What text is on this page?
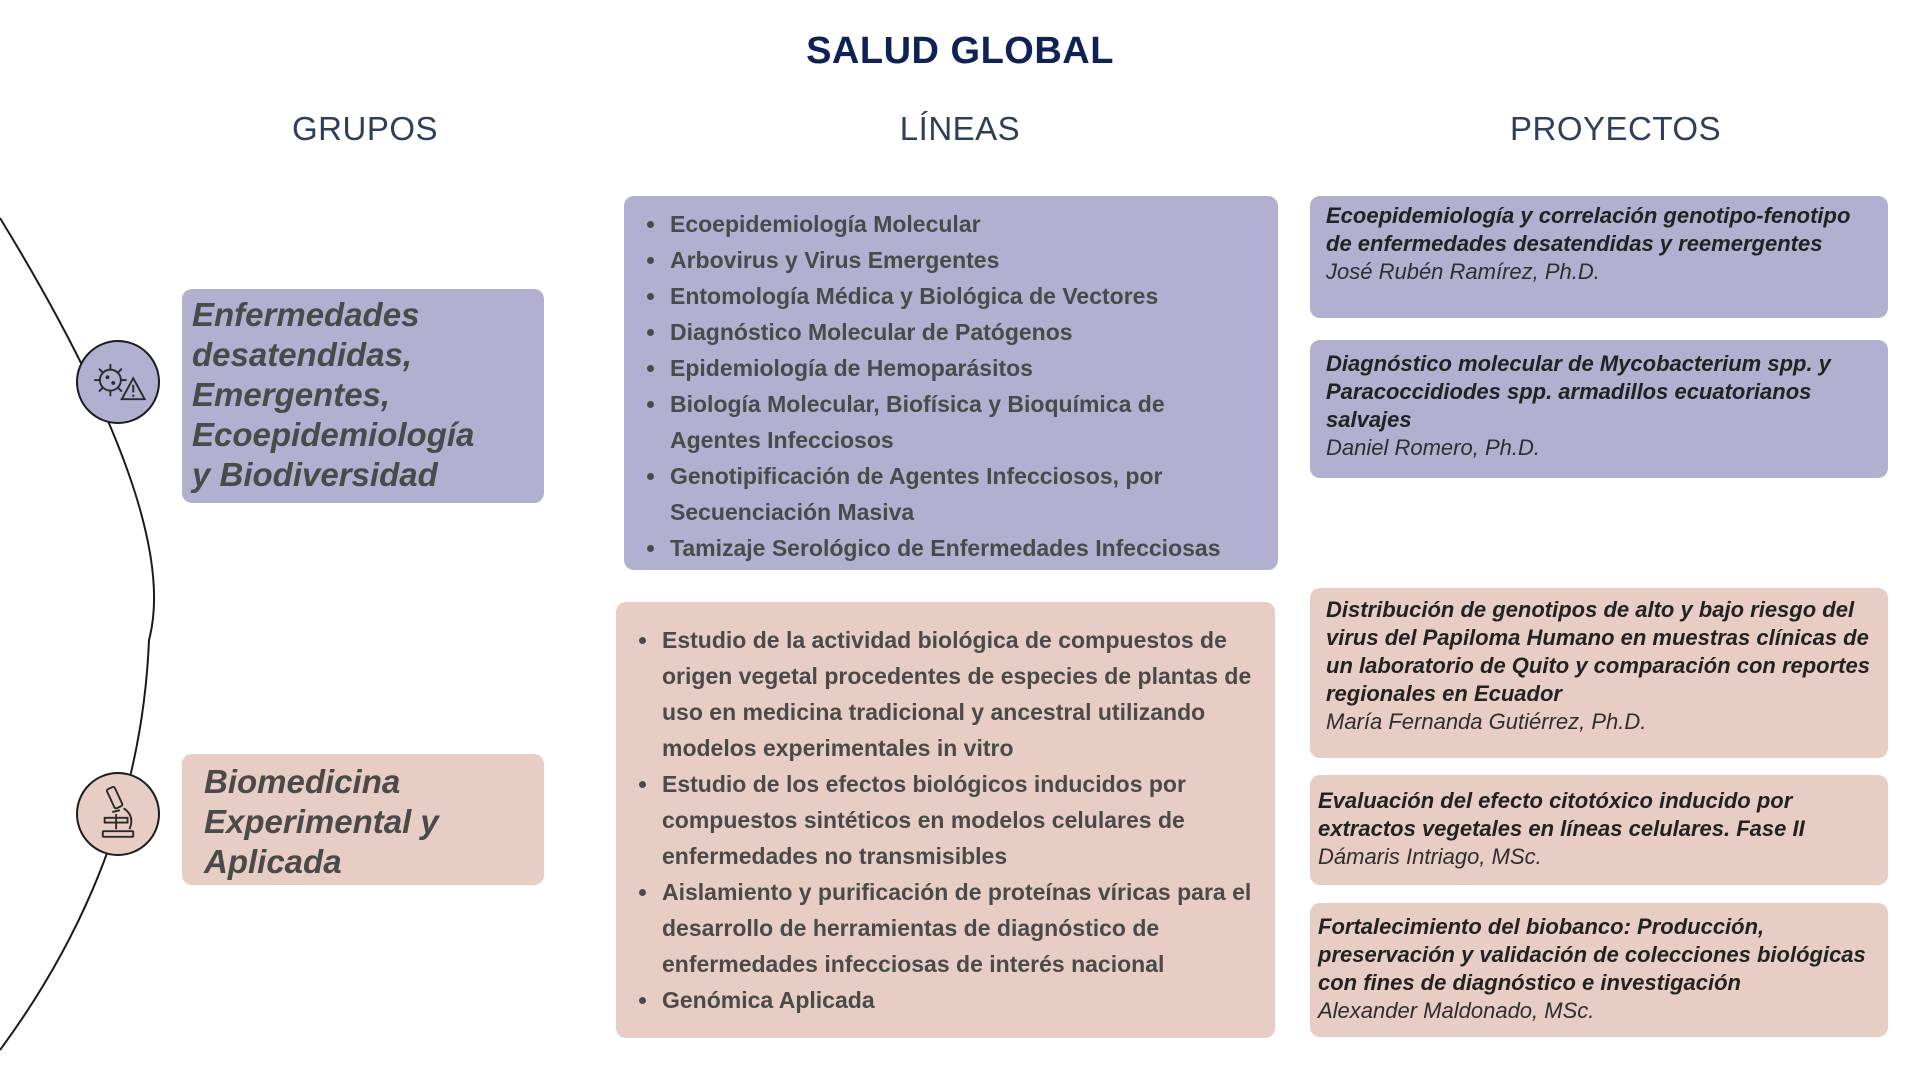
SALUD GLOBAL
GRUPOS	LÍNEAS	PROYECTOS
Enfermedades
desatendidas,
Emergentes,
Ecoepidemiología
y Biodiversidad
Biomedicina
Experimental y
Aplicada
• Ecoepidemiología Molecular
• Arbovirus y Virus Emergentes
• Entomología Médica y Biológica de Vectores
• Diagnóstico Molecular de Patógenos
• Epidemiología de Hemoparásitos
• Biología Molecular, Biofísica y Bioquímica de Agentes Infecciosos
• Genotipificación de Agentes Infecciosos, por Secuenciación Masiva
• Tamizaje Serológico de Enfermedades Infecciosas
• Estudio de la actividad biológica de compuestos de origen vegetal procedentes de especies de plantas de uso en medicina tradicional y ancestral utilizando modelos experimentales in vitro
• Estudio de los efectos biológicos inducidos por compuestos sintéticos en modelos celulares de enfermedades no transmisibles
• Aislamiento y purificación de proteínas víricas para el desarrollo de herramientas de diagnóstico de enfermedades infecciosas de interés nacional
• Genómica Aplicada
Ecoepidemiología y correlación genotipo-fenotipo de enfermedades desatendidas y reemergentes
José Rubén Ramírez, Ph.D.
Diagnóstico molecular de Mycobacterium spp. y Paracoccidiodes spp. armadillos ecuatorianos salvajes
Daniel Romero, Ph.D.
Distribución de genotipos de alto y bajo riesgo del virus del Papiloma Humano en muestras clínicas de un laboratorio de Quito y comparación con reportes regionales en Ecuador
María Fernanda Gutiérrez, Ph.D.
Evaluación del efecto citotóxico inducido por extractos vegetales en líneas celulares. Fase II
Dámaris Intriago, MSc.
Fortalecimiento del biobanco: Producción, preservación y validación de colecciones biológicas con fines de diagnóstico e investigación
Alexander Maldonado, MSc.
